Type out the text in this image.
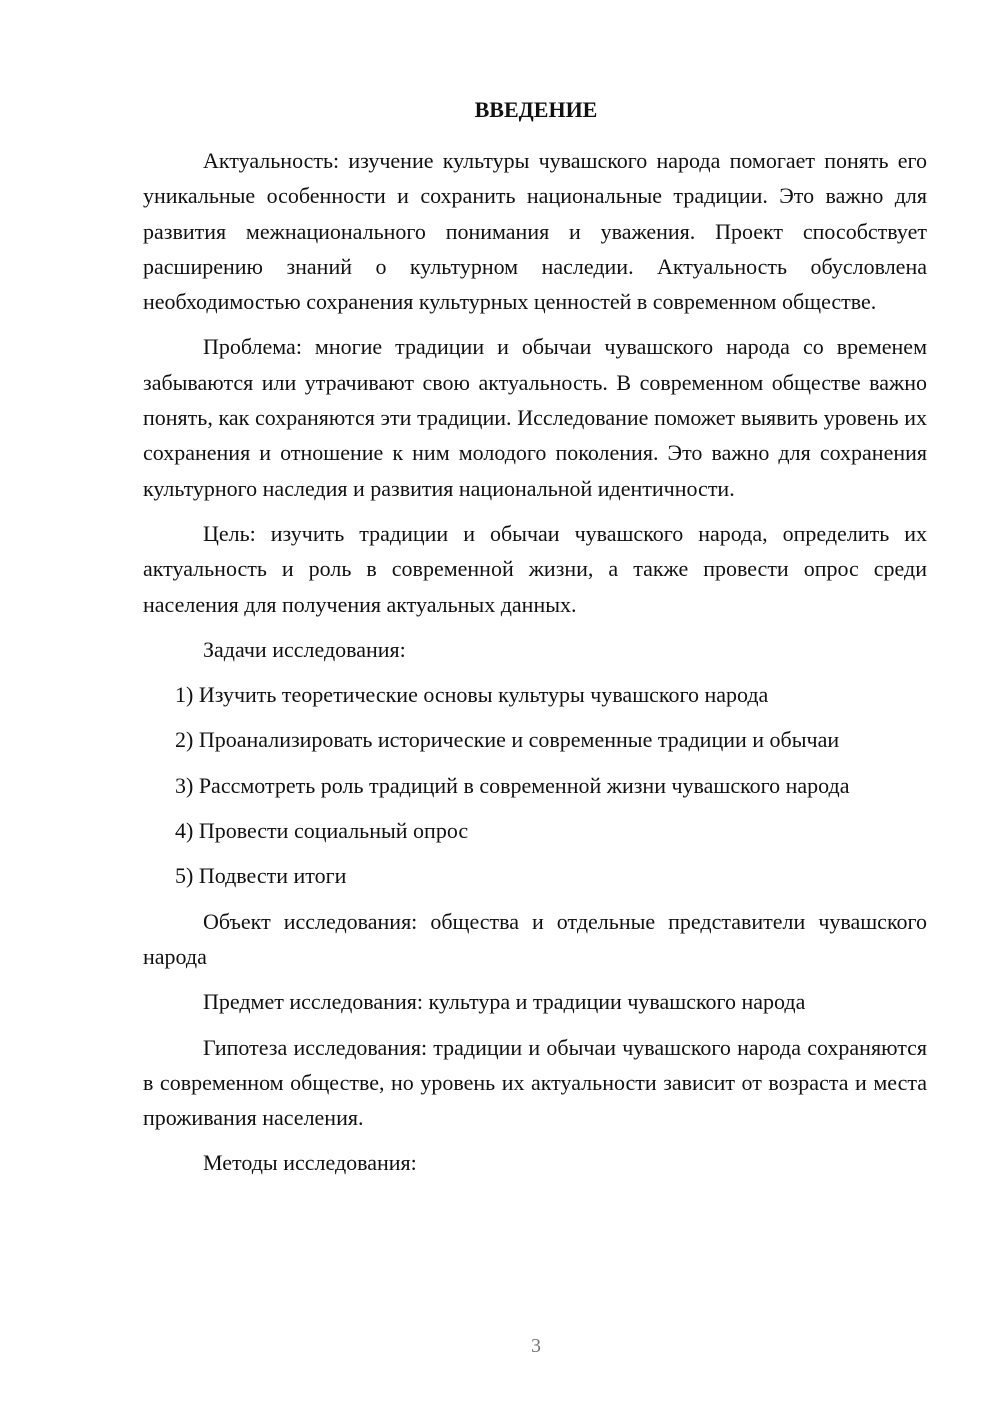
ВВЕДЕНИЕ

Актуальность: изучение культуры чувашского народа помогает понять его уникальные особенности и сохранить национальные традиции. Это важно для развития межнационального понимания и уважения. Проект способствует расширению знаний о культурном наследии. Актуальность обусловлена необходимостью сохранения культурных ценностей в современном обществе.

Проблема: многие традиции и обычаи чувашского народа со временем забываются или утрачивают свою актуальность. В современном обществе важно понять, как сохраняются эти традиции. Исследование поможет выявить уровень их сохранения и отношение к ним молодого поколения. Это важно для сохранения культурного наследия и развития национальной идентичности.

Цель: изучить традиции и обычаи чувашского народа, определить их актуальность и роль в современной жизни, а также провести опрос среди населения для получения актуальных данных.

Задачи исследования:

1) Изучить теоретические основы культуры чувашского народа

2) Проанализировать исторические и современные традиции и обычаи

3) Рассмотреть роль традиций в современной жизни чувашского народа

4) Провести социальный опрос

5) Подвести итоги

Объект исследования: общества и отдельные представители чувашского народа

Предмет исследования: культура и традиции чувашского народа

Гипотеза исследования: традиции и обычаи чувашского народа сохраняются в современном обществе, но уровень их актуальности зависит от возраста и места проживания населения.

Методы исследования:

3
